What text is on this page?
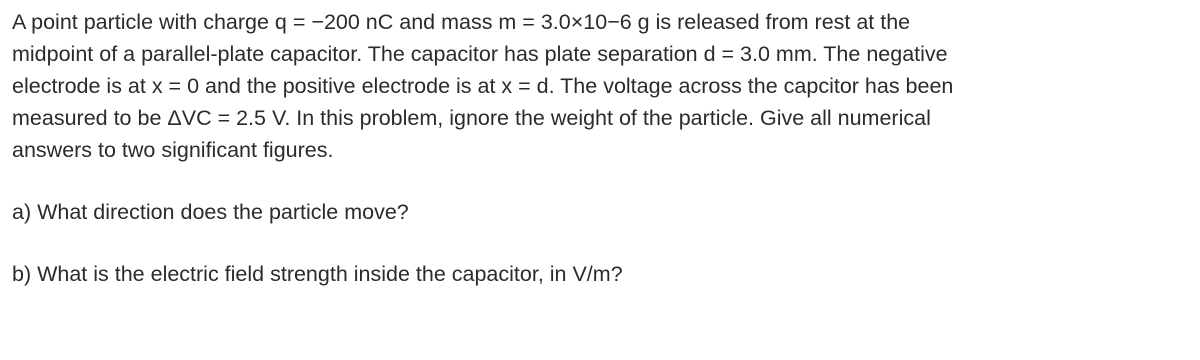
A point particle with charge q = −200 nC and mass m = 3.0×10−6 g is released from rest at the
midpoint of a parallel-plate capacitor. The capacitor has plate separation d = 3.0 mm. The negative
electrode is at x = 0 and the positive electrode is at x = d. The voltage across the capcitor has been
measured to be ΔVC = 2.5 V. In this problem, ignore the weight of the particle. Give all numerical
answers to two significant figures.
a) What direction does the particle move?
b) What is the electric field strength inside the capacitor, in V/m?
